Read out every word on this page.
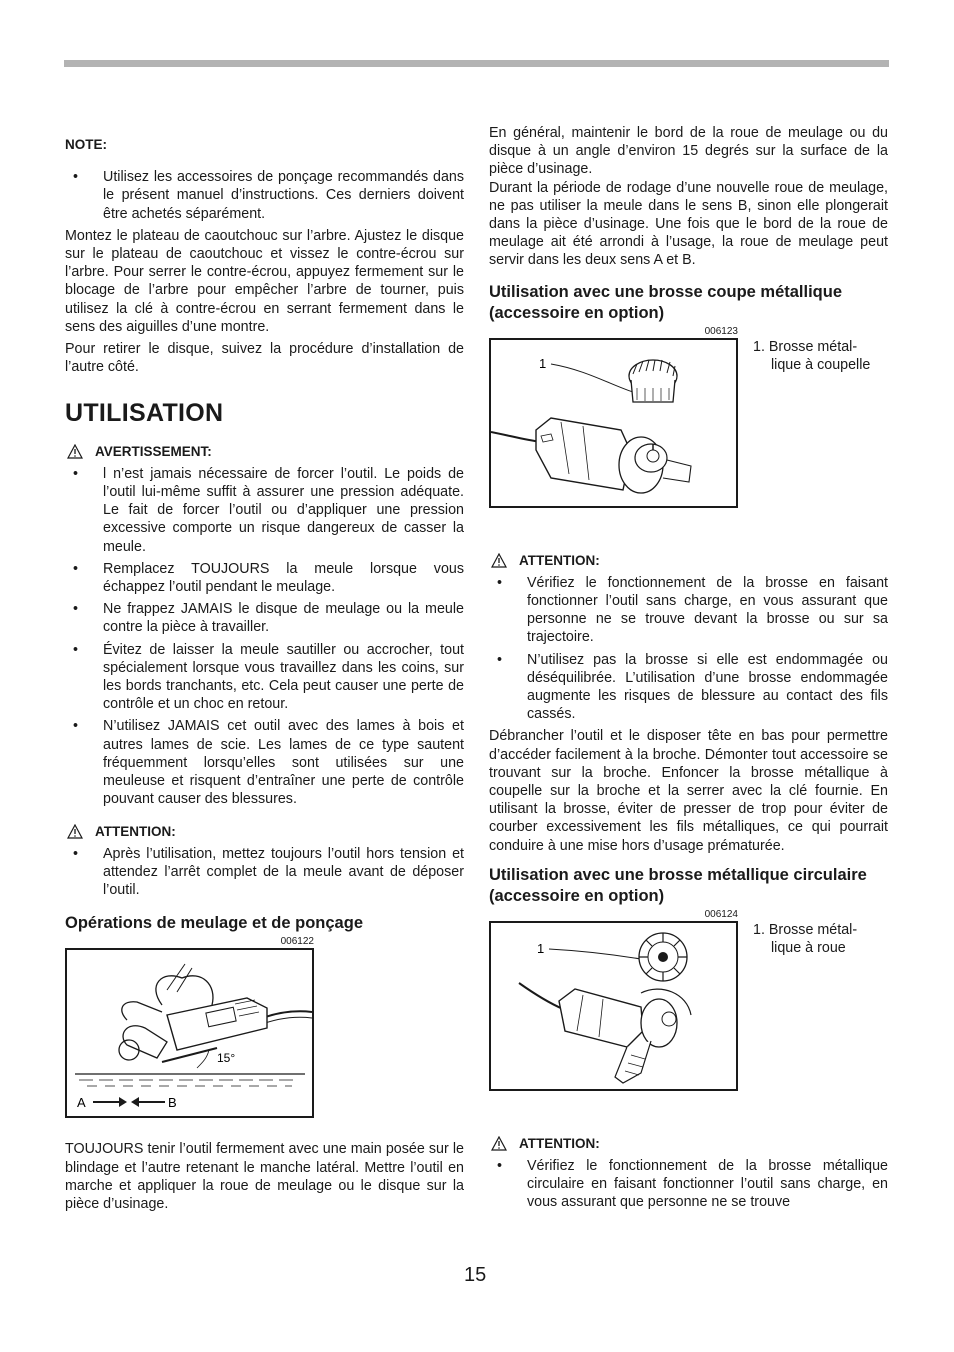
NOTE:
• Utilisez les accessoires de ponçage recommandés dans le présent manuel d’instructions. Ces derniers doivent être achetés séparément.

Montez le plateau de caoutchouc sur l’arbre. Ajustez le disque sur le plateau de caoutchouc et vissez le contre-écrou sur l’arbre. Pour serrer le contre-écrou, appuyez fermement sur le blocage de l’arbre pour empêcher l’arbre de tourner, puis utilisez la clé à contre-écrou en serrant fermement dans le sens des aiguilles d’une montre.

Pour retirer le disque, suivez la procédure d’installation de l’autre côté.

UTILISATION
AVERTISSEMENT:
• l n’est jamais nécessaire de forcer l’outil. Le poids de l’outil lui-même suffit à assurer une pression adéquate. Le fait de forcer l’outil ou d’appliquer une pression excessive comporte un risque dangereux de casser la meule.
• Remplacez TOUJOURS la meule lorsque vous échappez l’outil pendant le meulage.
• Ne frappez JAMAIS le disque de meulage ou la meule contre la pièce à travailler.
• Évitez de laisser la meule sautiller ou accrocher, tout spécialement lorsque vous travaillez dans les coins, sur les bords tranchants, etc. Cela peut causer une perte de contrôle et un choc en retour.
• N’utilisez JAMAIS cet outil avec des lames à bois et autres lames de scie. Les lames de ce type sautent fréquemment lorsqu’elles sont utilisées sur une meuleuse et risquent d’entraîner une perte de contrôle pouvant causer des blessures.
ATTENTION:
• Après l’utilisation, mettez toujours l’outil hors tension et attendez l’arrêt complet de la meule avant de déposer l’outil.
Opérations de meulage et de ponçage
006122
15°
A	B

TOUJOURS tenir l’outil fermement avec une main posée sur le blindage et l’autre retenant le manche latéral. Mettre l’outil en marche et appliquer la roue de meulage ou le disque sur la pièce d’usinage.

En général, maintenir le bord de la roue de meulage ou du disque à un angle d’environ 15 degrés sur la surface de la pièce d’usinage.

Durant la période de rodage d’une nouvelle roue de meulage, ne pas utiliser la meule dans le sens B, sinon elle plongerait dans la pièce d’usinage. Une fois que le bord de la roue de meulage ait été arrondi à l’usage, la roue de meulage peut servir dans les deux sens A et B.

Utilisation avec une brosse coupe métallique (accessoire en option)
006123
1
1. Brosse métal-
lique à coupelle
ATTENTION:
• Vérifiez le fonctionnement de la brosse en faisant fonctionner l’outil sans charge, en vous assurant que personne ne se trouve devant la brosse ou sur sa trajectoire.
• N’utilisez pas la brosse si elle est endommagée ou déséquilibrée. L’utilisation d’une brosse endommagée augmente les risques de blessure au contact des fils cassés.

Débrancher l’outil et le disposer tête en bas pour permettre d’accéder facilement à la broche. Démonter tout accessoire se trouvant sur la broche. Enfoncer la brosse métallique à coupelle sur la broche et la serrer avec la clé fournie. En utilisant la brosse, éviter de presser de trop pour éviter de courber excessivement les fils métalliques, ce qui pourrait conduire à une mise hors d’usage prématurée.

Utilisation avec une brosse métallique circulaire (accessoire en option)
006124
1
1. Brosse métal-
lique à roue
ATTENTION:
• Vérifiez le fonctionnement de la brosse métallique circulaire en faisant fonctionner l’outil sans charge, en vous assurant que personne ne se trouve
15
